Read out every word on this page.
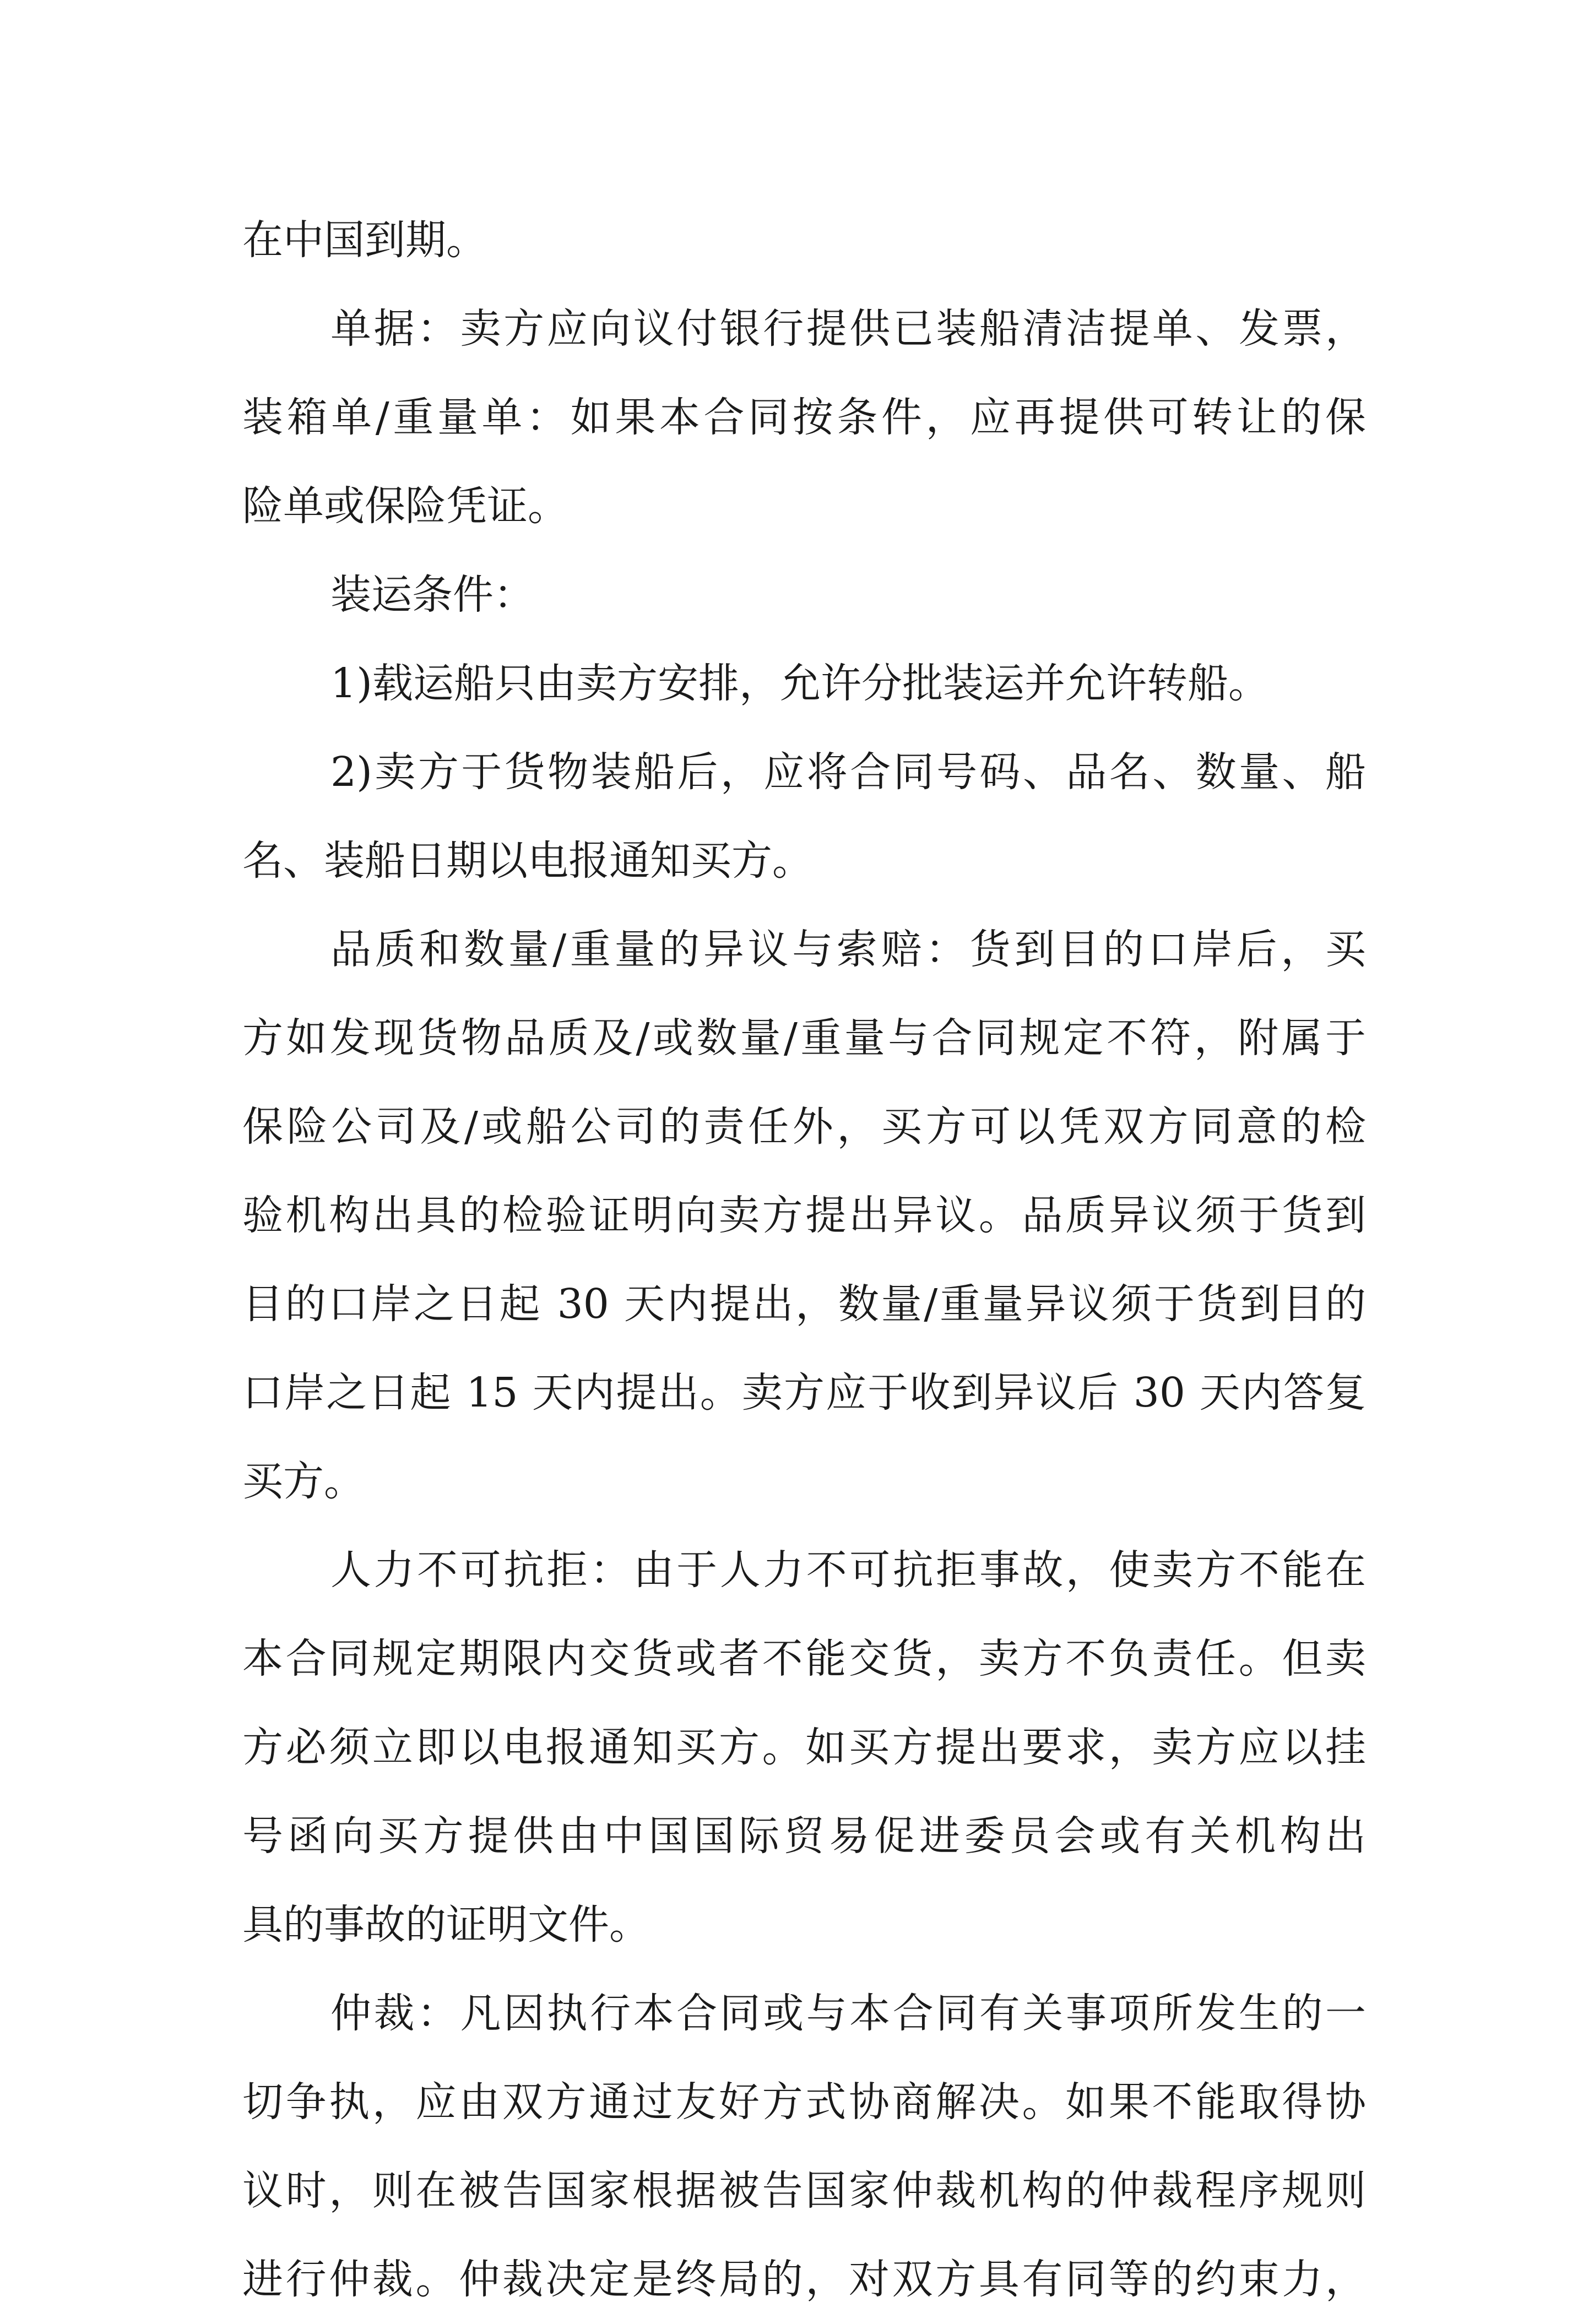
在中国到期。
单据：卖方应向议付银行提供已装船清洁提单、发票，
装箱单/重量单：如果本合同按条件，应再提供可转让的保
险单或保险凭证。
装运条件：
1)载运船只由卖方安排，允许分批装运并允许转船。
2)卖方于货物装船后，应将合同号码、品名、数量、船
名、装船日期以电报通知买方。
品质和数量/重量的异议与索赔：货到目的口岸后，买
方如发现货物品质及/或数量/重量与合同规定不符，附属于
保险公司及/或船公司的责任外，买方可以凭双方同意的检
验机构出具的检验证明向卖方提出异议。品质异议须于货到
目的口岸之日起 30 天内提出，数量/重量异议须于货到目的
口岸之日起 15 天内提出。卖方应于收到异议后 30 天内答复
买方。
人力不可抗拒：由于人力不可抗拒事故，使卖方不能在
本合同规定期限内交货或者不能交货，卖方不负责任。但卖
方必须立即以电报通知买方。如买方提出要求，卖方应以挂
号函向买方提供由中国国际贸易促进委员会或有关机构出
具的事故的证明文件。
仲裁：凡因执行本合同或与本合同有关事项所发生的一
切争执，应由双方通过友好方式协商解决。如果不能取得协
议时，则在被告国家根据被告国家仲裁机构的仲裁程序规则
进行仲裁。仲裁决定是终局的，对双方具有同等的约束力，
